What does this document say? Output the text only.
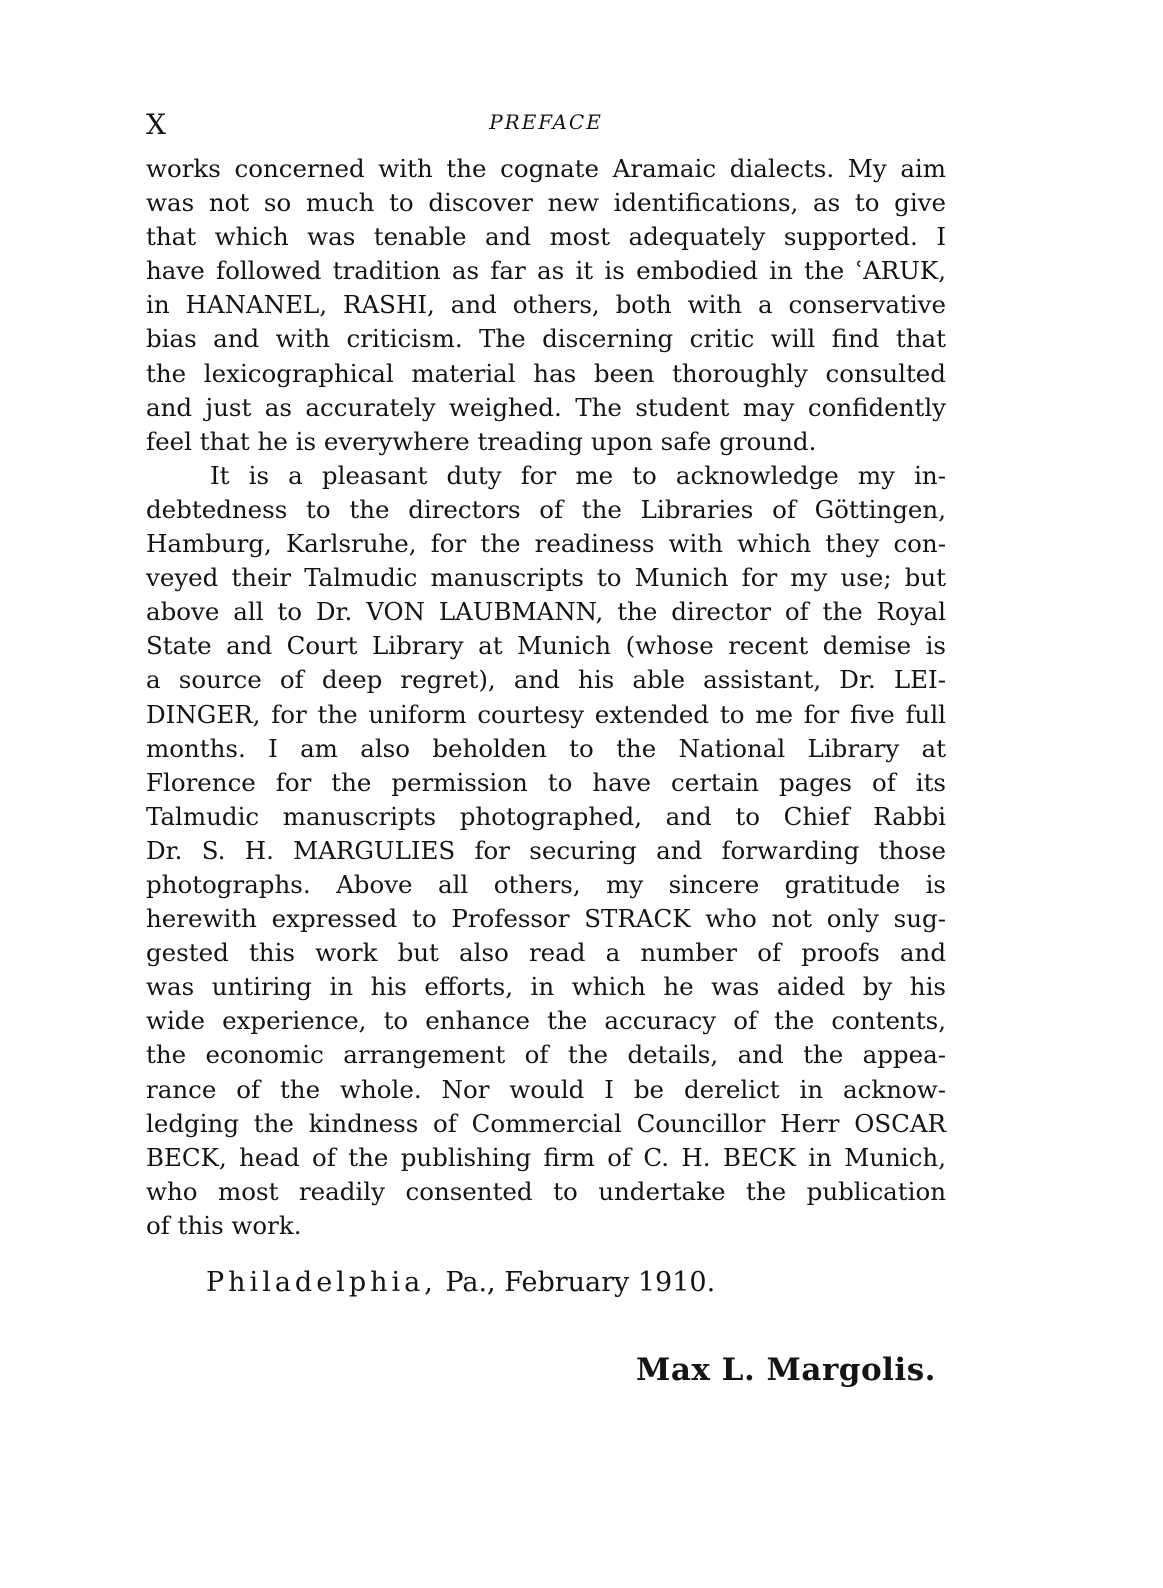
X	PREFACE
works concerned with the cognate Aramaic dialects. My aim
was not so much to discover new identifications, as to give
that which was tenable and most adequately supported. I
have followed tradition as far as it is embodied in the ʿARUK,
in HANANEL, RASHI, and others, both with a conservative
bias and with criticism. The discerning critic will find that
the lexicographical material has been thoroughly consulted
and just as accurately weighed. The student may confidently
feel that he is everywhere treading upon safe ground.
It is a pleasant duty for me to acknowledge my in-
debtedness to the directors of the Libraries of Göttingen,
Hamburg, Karlsruhe, for the readiness with which they con-
veyed their Talmudic manuscripts to Munich for my use; but
above all to Dr. VON LAUBMANN, the director of the Royal
State and Court Library at Munich (whose recent demise is
a source of deep regret), and his able assistant, Dr. LEI-
DINGER, for the uniform courtesy extended to me for five full
months. I am also beholden to the National Library at
Florence for the permission to have certain pages of its
Talmudic manuscripts photographed, and to Chief Rabbi
Dr. S. H. MARGULIES for securing and forwarding those
photographs. Above all others, my sincere gratitude is
herewith expressed to Professor STRACK who not only sug-
gested this work but also read a number of proofs and
was untiring in his efforts, in which he was aided by his
wide experience, to enhance the accuracy of the contents,
the economic arrangement of the details, and the appea-
rance of the whole. Nor would I be derelict in acknow-
ledging the kindness of Commercial Councillor Herr OSCAR
BECK, head of the publishing firm of C. H. BECK in Munich,
who most readily consented to undertake the publication
of this work.
Philadelphia, Pa., February 1910.
Max L. Margolis.
